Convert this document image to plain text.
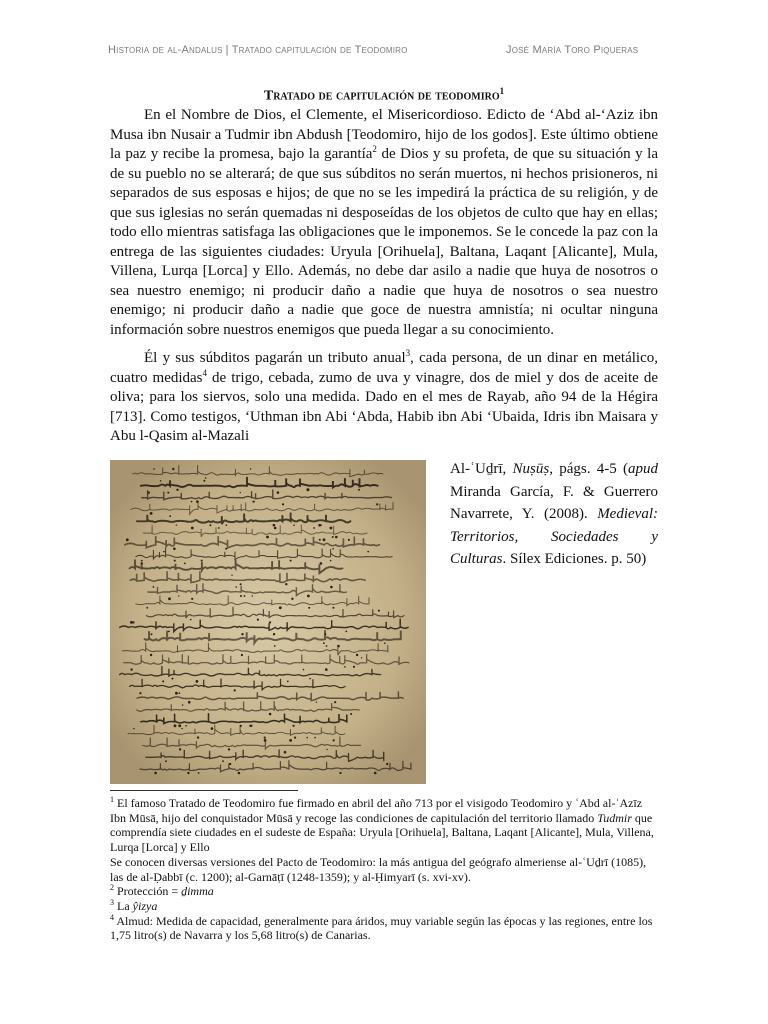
Historia de al-Andalus | Tratado capitulación de Teodomiro	José María Toro Piqueras
Tratado de capitulación de teodomiro$^1$

En el Nombre de Dios, el Clemente, el Misericordioso. Edicto de ‘Abd al-‘Aziz ibn Musa ibn Nusair a Tudmir ibn Abdush [Teodomiro, hijo de los godos]. Este último obtiene la paz y recibe la promesa, bajo la garantía$^2$ de Dios y su profeta, de que su situación y la de su pueblo no se alterará; de que sus súbditos no serán muertos, ni hechos prisioneros, ni separados de sus esposas e hijos; de que no se les impedirá la práctica de su religión, y de que sus iglesias no serán quemadas ni desposeídas de los objetos de culto que hay en ellas; todo ello mientras satisfaga las obligaciones que le imponemos. Se le concede la paz con la entrega de las siguientes ciudades: Uryula [Orihuela], Baltana, Laqant [Alicante], Mula, Villena, Lurqa [Lorca] y Ello. Además, no debe dar asilo a nadie que huya de nosotros o sea nuestro enemigo; ni producir daño a nadie que huya de nosotros o sea nuestro enemigo; ni producir daño a nadie que goce de nuestra amnistía; ni ocultar ninguna información sobre nuestros enemigos que pueda llegar a su conocimiento.

Él y sus súbditos pagarán un tributo anual$^3$, cada persona, de un dinar en metálico, cuatro medidas$^4$ de trigo, cebada, zumo de uva y vinagre, dos de miel y dos de aceite de oliva; para los siervos, solo una medida. Dado en el mes de Rayab, año 94 de la Hégira [713]. Como testigos, ‘Uthman ibn Abi ‘Abda, Habib ibn Abi ‘Ubaida, Idris ibn Maisara y Abu l-Qasim al-Mazali

Al-ʿUḏrī, Nuṣūṣ, págs. 4-5 (apud Miranda García, F. & Guerrero Navarrete, Y. (2008). Medieval: Territorios, Sociedades y Culturas. Sílex Ediciones. p. 50)
$^1$ El famoso Tratado de Teodomiro fue firmado en abril del año 713 por el visigodo Teodomiro y ʿAbd al-ʿAzīz Ibn Mūsā, hijo del conquistador Mūsā y recoge las condiciones de capitulación del territorio llamado Tudmir que comprendía siete ciudades en el sudeste de España: Uryula [Orihuela], Baltana, Laqant [Alicante], Mula, Villena, Lurqa [Lorca] y Ello
Se conocen diversas versiones del Pacto de Teodomiro: la más antigua del geógrafo almeriense al-ʿUḏrī (1085), las de al-Ḍabbī (c. 1200); al-Garnāṭī (1248-1359); y al-Ḥimyarī (s. xvi-xv).
$^2$ Protección = ḏimma
$^3$ La ŷizya
$^4$ Almud: Medida de capacidad, generalmente para áridos, muy variable según las épocas y las regiones, entre los 1,75 litro(s) de Navarra y los 5,68 litro(s) de Canarias.
